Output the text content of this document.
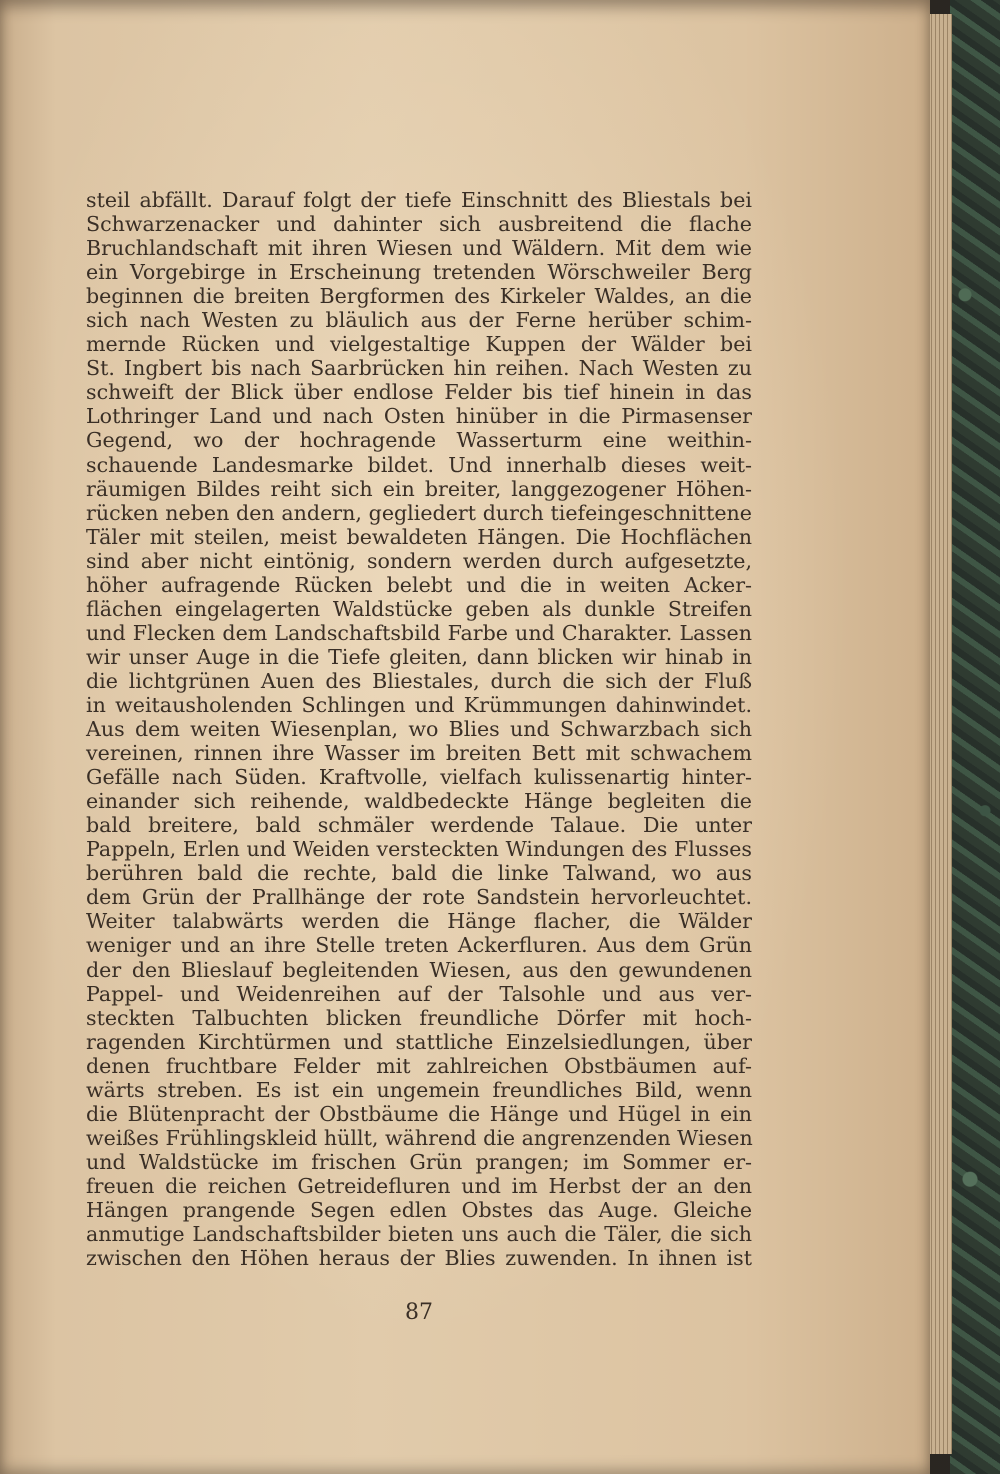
steil abfällt. Darauf folgt der tiefe Einschnitt des Bliestals bei
Schwarzenacker und dahinter sich ausbreitend die flache
Bruchlandschaft mit ihren Wiesen und Wäldern. Mit dem wie
ein Vorgebirge in Erscheinung tretenden Wörschweiler Berg
beginnen die breiten Bergformen des Kirkeler Waldes, an die
sich nach Westen zu bläulich aus der Ferne herüber schim-
mernde Rücken und vielgestaltige Kuppen der Wälder bei
St. Ingbert bis nach Saarbrücken hin reihen. Nach Westen zu
schweift der Blick über endlose Felder bis tief hinein in das
Lothringer Land und nach Osten hinüber in die Pirmasenser
Gegend, wo der hochragende Wasserturm eine weithin-
schauende Landesmarke bildet. Und innerhalb dieses weit-
räumigen Bildes reiht sich ein breiter, langgezogener Höhen-
rücken neben den andern, gegliedert durch tiefeingeschnittene
Täler mit steilen, meist bewaldeten Hängen. Die Hochflächen
sind aber nicht eintönig, sondern werden durch aufgesetzte,
höher aufragende Rücken belebt und die in weiten Acker-
flächen eingelagerten Waldstücke geben als dunkle Streifen
und Flecken dem Landschaftsbild Farbe und Charakter. Lassen
wir unser Auge in die Tiefe gleiten, dann blicken wir hinab in
die lichtgrünen Auen des Bliestales, durch die sich der Fluß
in weitausholenden Schlingen und Krümmungen dahinwindet.
Aus dem weiten Wiesenplan, wo Blies und Schwarzbach sich
vereinen, rinnen ihre Wasser im breiten Bett mit schwachem
Gefälle nach Süden. Kraftvolle, vielfach kulissenartig hinter-
einander sich reihende, waldbedeckte Hänge begleiten die
bald breitere, bald schmäler werdende Talaue. Die unter
Pappeln, Erlen und Weiden versteckten Windungen des Flusses
berühren bald die rechte, bald die linke Talwand, wo aus
dem Grün der Prallhänge der rote Sandstein hervorleuchtet.
Weiter talabwärts werden die Hänge flacher, die Wälder
weniger und an ihre Stelle treten Ackerfluren. Aus dem Grün
der den Blieslauf begleitenden Wiesen, aus den gewundenen
Pappel- und Weidenreihen auf der Talsohle und aus ver-
steckten Talbuchten blicken freundliche Dörfer mit hoch-
ragenden Kirchtürmen und stattliche Einzelsiedlungen, über
denen fruchtbare Felder mit zahlreichen Obstbäumen auf-
wärts streben. Es ist ein ungemein freundliches Bild, wenn
die Blütenpracht der Obstbäume die Hänge und Hügel in ein
weißes Frühlingskleid hüllt, während die angrenzenden Wiesen
und Waldstücke im frischen Grün prangen; im Sommer er-
freuen die reichen Getreidefluren und im Herbst der an den
Hängen prangende Segen edlen Obstes das Auge. Gleiche
anmutige Landschaftsbilder bieten uns auch die Täler, die sich
zwischen den Höhen heraus der Blies zuwenden. In ihnen ist
87
